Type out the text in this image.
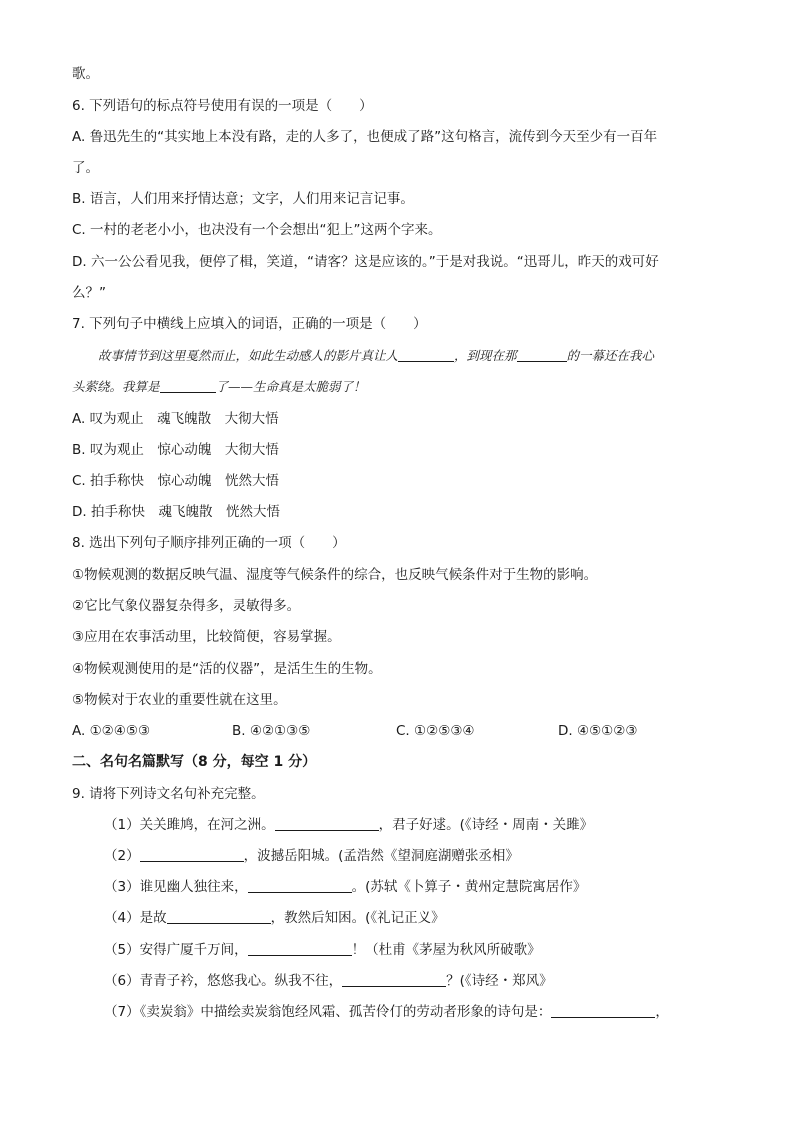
歌。
6. 下列语句的标点符号使用有误的一项是（　　）
A. 鲁迅先生的“其实地上本没有路，走的人多了，也便成了路”这句格言，流传到今天至少有一百年
了。
B. 语言，人们用来抒情达意；文字，人们用来记言记事。
C. 一村的老老小小，也决没有一个会想出“犯上”这两个字来。
D. 六一公公看见我，便停了楫，笑道，“请客？这是应该的。”于是对我说。“迅哥儿，昨天的戏可好
么？”
7. 下列句子中横线上应填入的词语，正确的一项是（　　）
故事情节到这里戛然而止，如此生动感人的影片真让人	，到现在那	的一幕还在我心
头萦绕。我算是	了——生命真是太脆弱了！
A. 叹为观止　魂飞魄散　大彻大悟
B. 叹为观止　惊心动魄　大彻大悟
C. 拍手称快　惊心动魄　恍然大悟
D. 拍手称快　魂飞魄散　恍然大悟
8. 选出下列句子顺序排列正确的一项（　　）
①物候观测的数据反映气温、湿度等气候条件的综合，也反映气候条件对于生物的影响。
②它比气象仪器复杂得多，灵敏得多。
③应用在农事活动里，比较简便，容易掌握。
④物候观测使用的是“活的仪器”，是活生生的生物。
⑤物候对于农业的重要性就在这里。
A. ①②④⑤③	B. ④②①③⑤	C. ①②⑤③④	D. ④⑤①②③
二、名句名篇默写（8 分，每空 1 分）
9. 请将下列诗文名句补充完整。
（1）关关雎鸠，在河之洲。	，君子好逑。(《诗经・周南・关雎》
（2）	，波撼岳阳城。(孟浩然《望洞庭湖赠张丞相》
（3）谁见幽人独往来，	。(苏轼《卜算子・黄州定慧院寓居作》
（4）是故	，教然后知困。(《礼记正义》
（5）安得广厦千万间，	！（杜甫《茅屋为秋风所破歌》
（6）青青子衿，悠悠我心。纵我不往，	？(《诗经・郑风》
（7）《卖炭翁》中描绘卖炭翁饱经风霜、孤苦伶仃的劳动者形象的诗句是：	，
